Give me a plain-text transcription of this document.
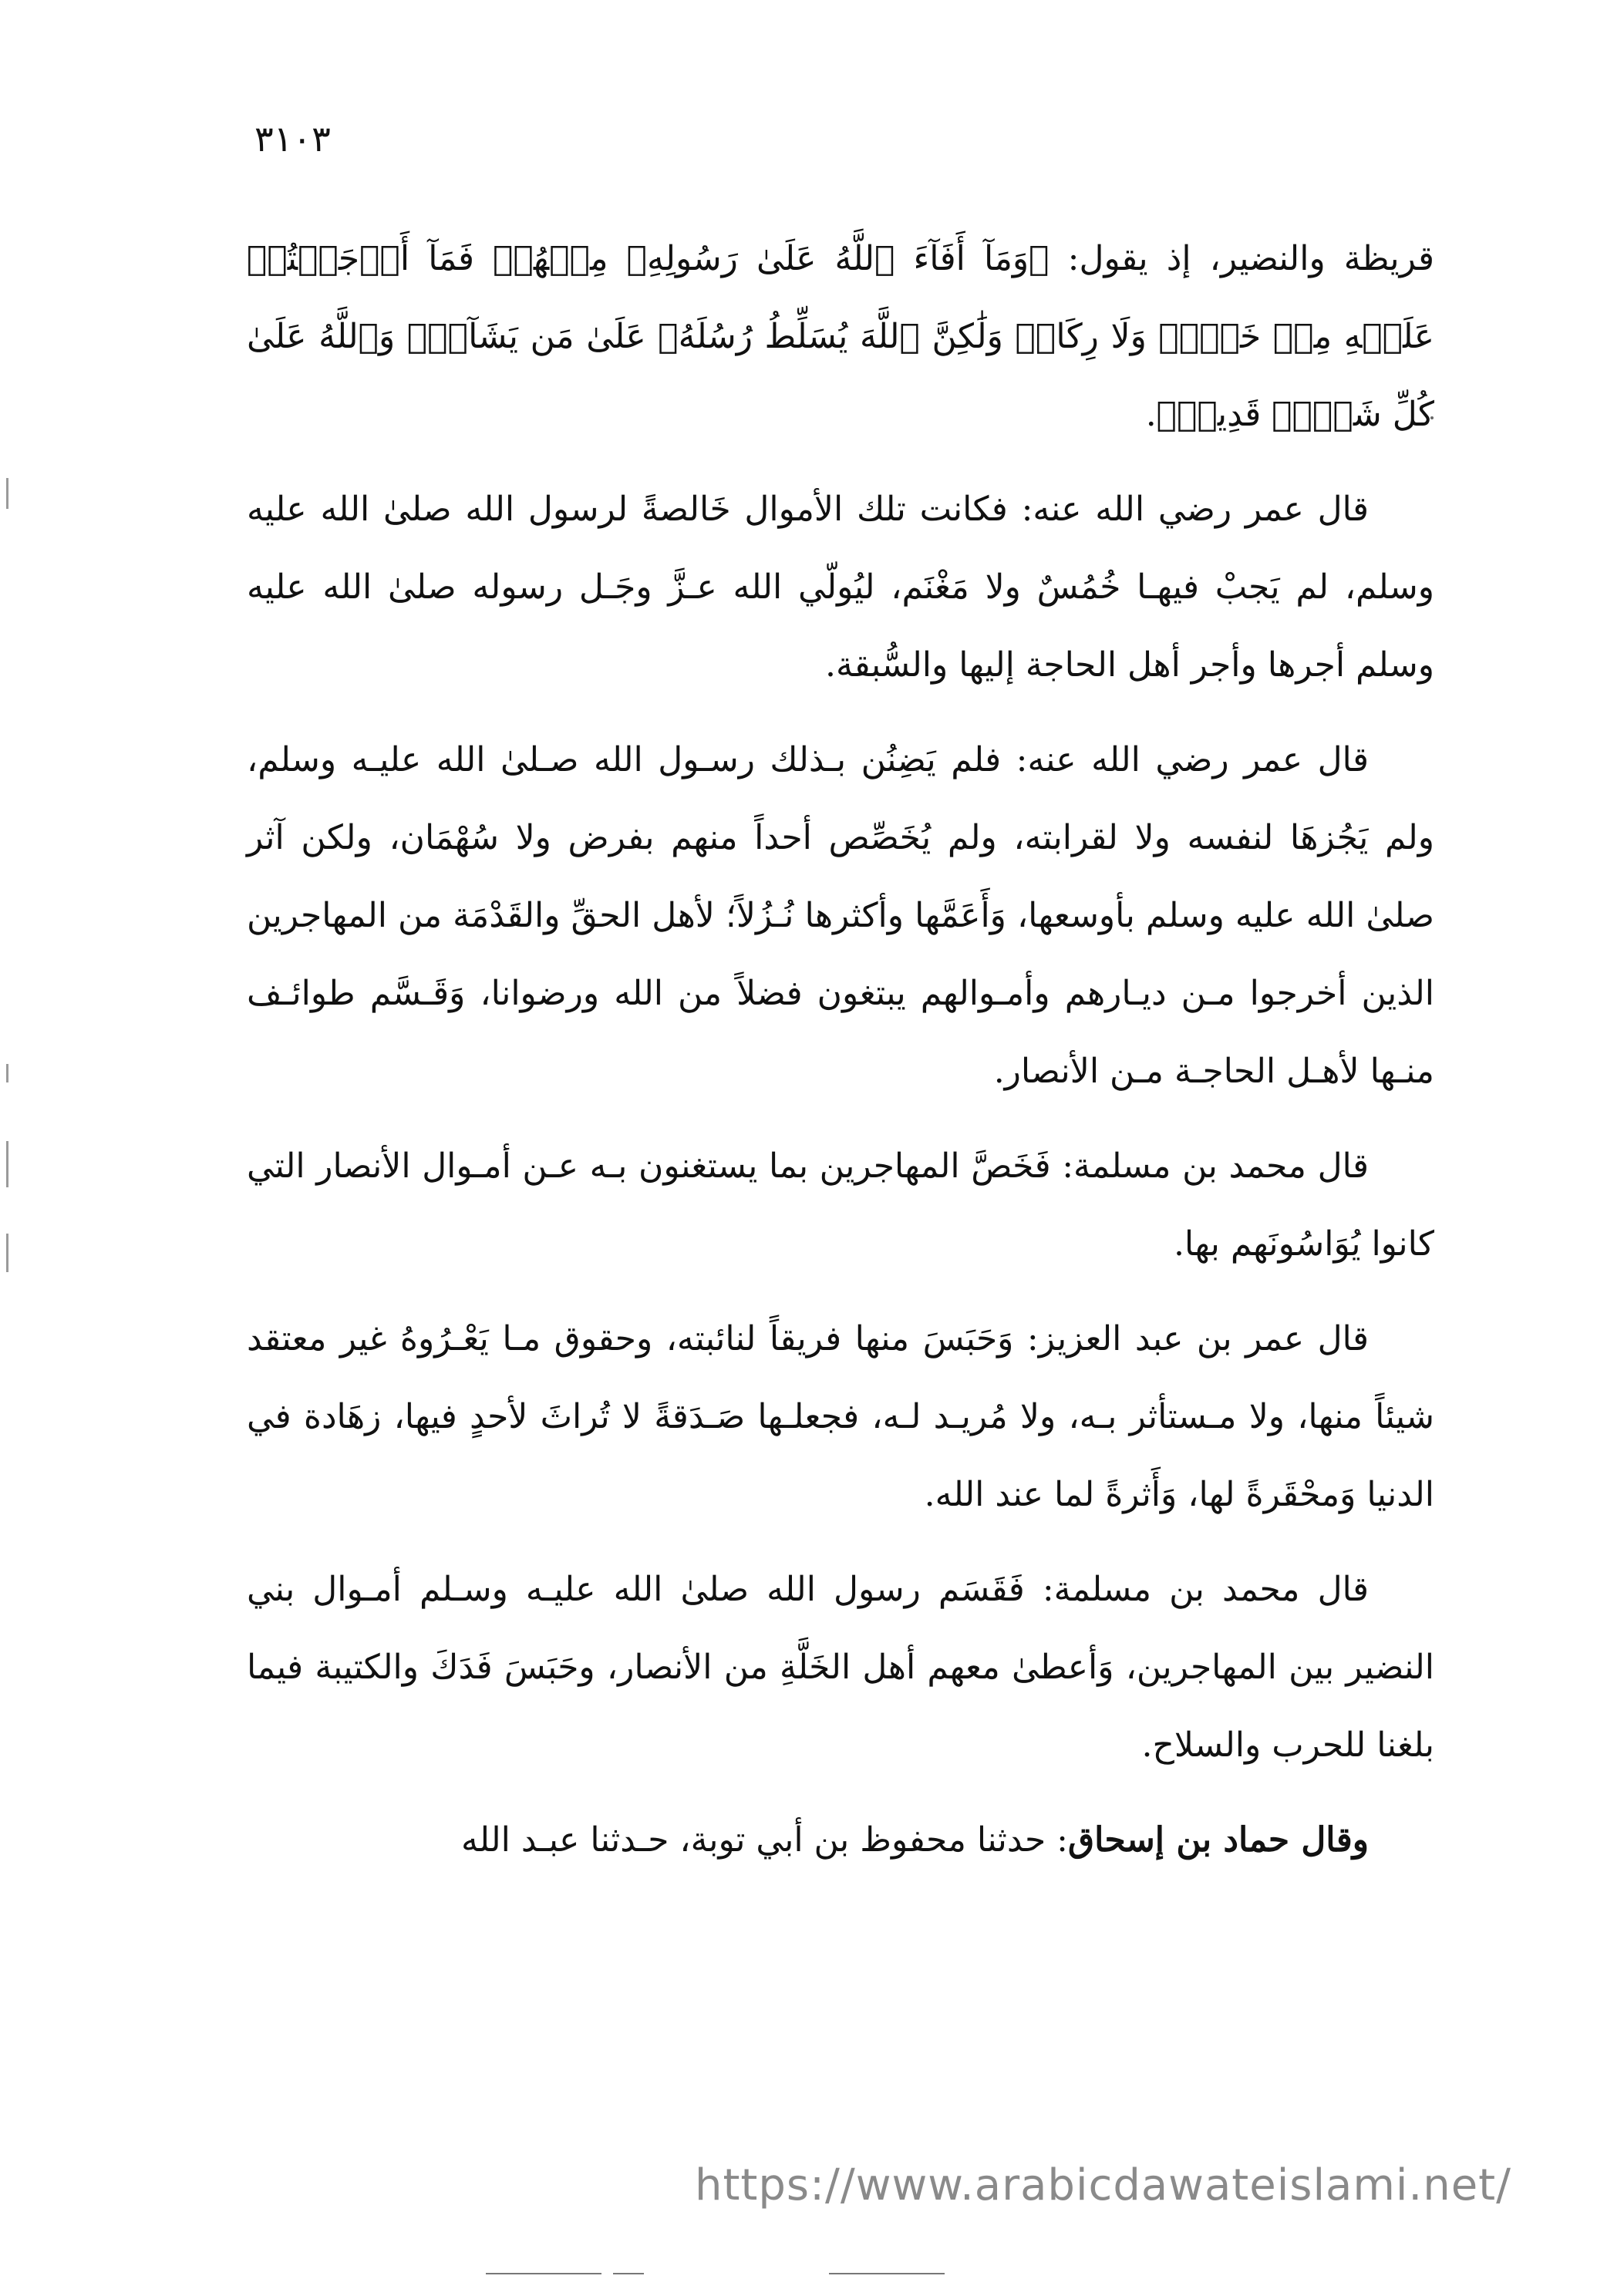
٣١٠٣

قريظة والنضير، إذ يقول: ﴿وَمَآ أَفَآءَ ٱللَّهُ عَلَىٰ رَسُولِهِۦ مِنۡهُمۡ فَمَآ أَوۡجَفۡتُمۡ عَلَيۡهِ مِنۡ خَيۡلٖ وَلَا رِكَابٖ وَلَٰكِنَّ ٱللَّهَ يُسَلِّطُ رُسُلَهُۥ عَلَىٰ مَن يَشَآءُۚ وَٱللَّهُ عَلَىٰ كُلِّ شَيۡءٖ قَدِيرٞ﴾.

قال عمر رضي الله عنه: فكانت تلك الأموال خَالصةً لرسول الله صلىٰ الله عليه وسلم، لم يَجبْ فيهـا خُمُسٌ ولا مَغْنَم، ليُولّي الله عـزَّ وجَـل رسوله صلىٰ الله عليه وسلم أجرها وأجر أهل الحاجة إليها والسُّبقة.

قال عمر رضي الله عنه: فلم يَضِنُن بـذلك رسـول الله صـلىٰ الله عليـه وسلم، ولم يَجُزهَا لنفسه ولا لقرابته، ولم يُخَصِّص أحداً منهم بفرض ولا سُهْمَان، ولكن آثر صلىٰ الله عليه وسلم بأوسعها، وَأَعَمَّها وأكثرها نُـزُلاً؛ لأهل الحقِّ والقَدْمَة من المهاجرين الذين أخرجوا مـن ديـارهم وأمـوالهم يبتغون فضلاً من الله ورضوانا، وَقَـسَّم طوائـف منـها لأهـل الحاجـة مـن الأنصار.

قال محمد بن مسلمة: فَخَصَّ المهاجرين بما يستغنون بـه عـن أمـوال الأنصار التي كانوا يُوَاسُونَهم بها.

قال عمر بن عبد العزيز: وَحَبَسَ منها فريقاً لنائبته، وحقوق مـا يَعْـرُوهُ غير معتقد شيئاً منها، ولا مـستأثر بـه، ولا مُريـد لـه، فجعلـها صَـدَقةً لا تُراثَ لأحدٍ فيها، زهَادة في الدنيا وَمحْقَرةً لها، وَأَثرةً لما عند الله.

قال محمد بن مسلمة: فَقَسَم رسول الله صلىٰ الله عليـه وسـلم أمـوال بني النضير بين المهاجرين، وَأعطىٰ معهم أهل الخَلَّةِ من الأنصار، وحَبَسَ فَدَكَ والكتيبة فيما بلغنا للحرب والسلاح.

وقال حماد بن إسحاق: حدثنا محفوظ بن أبي توبة، حـدثنا عبـد الله

https://www.arabicdawateislami.net/
